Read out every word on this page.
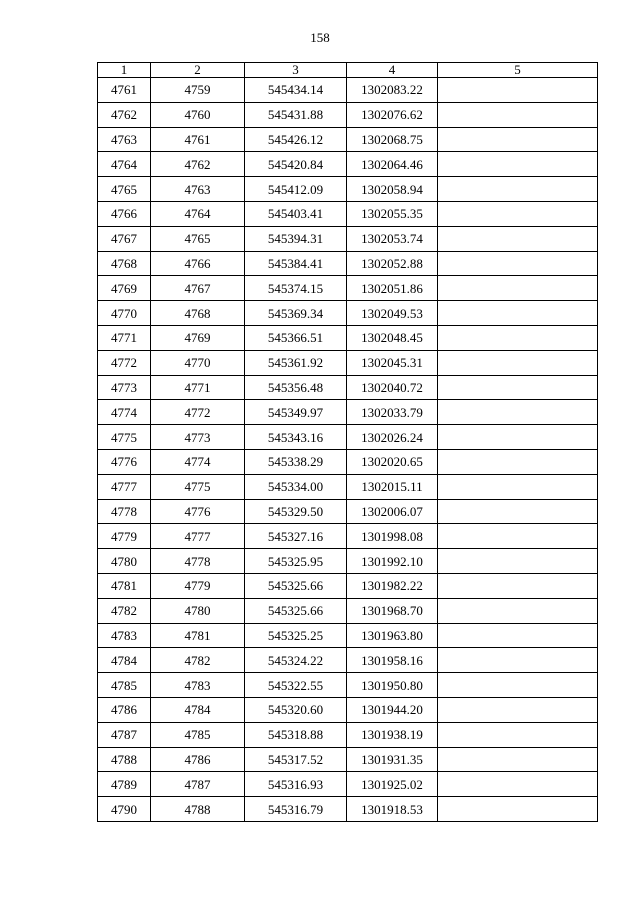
158
1	2	3	4	5
4761	4759	545434.14	1302083.22	
4762	4760	545431.88	1302076.62	
4763	4761	545426.12	1302068.75	
4764	4762	545420.84	1302064.46	
4765	4763	545412.09	1302058.94	
4766	4764	545403.41	1302055.35	
4767	4765	545394.31	1302053.74	
4768	4766	545384.41	1302052.88	
4769	4767	545374.15	1302051.86	
4770	4768	545369.34	1302049.53	
4771	4769	545366.51	1302048.45	
4772	4770	545361.92	1302045.31	
4773	4771	545356.48	1302040.72	
4774	4772	545349.97	1302033.79	
4775	4773	545343.16	1302026.24	
4776	4774	545338.29	1302020.65	
4777	4775	545334.00	1302015.11	
4778	4776	545329.50	1302006.07	
4779	4777	545327.16	1301998.08	
4780	4778	545325.95	1301992.10	
4781	4779	545325.66	1301982.22	
4782	4780	545325.66	1301968.70	
4783	4781	545325.25	1301963.80	
4784	4782	545324.22	1301958.16	
4785	4783	545322.55	1301950.80	
4786	4784	545320.60	1301944.20	
4787	4785	545318.88	1301938.19	
4788	4786	545317.52	1301931.35	
4789	4787	545316.93	1301925.02	
4790	4788	545316.79	1301918.53	
